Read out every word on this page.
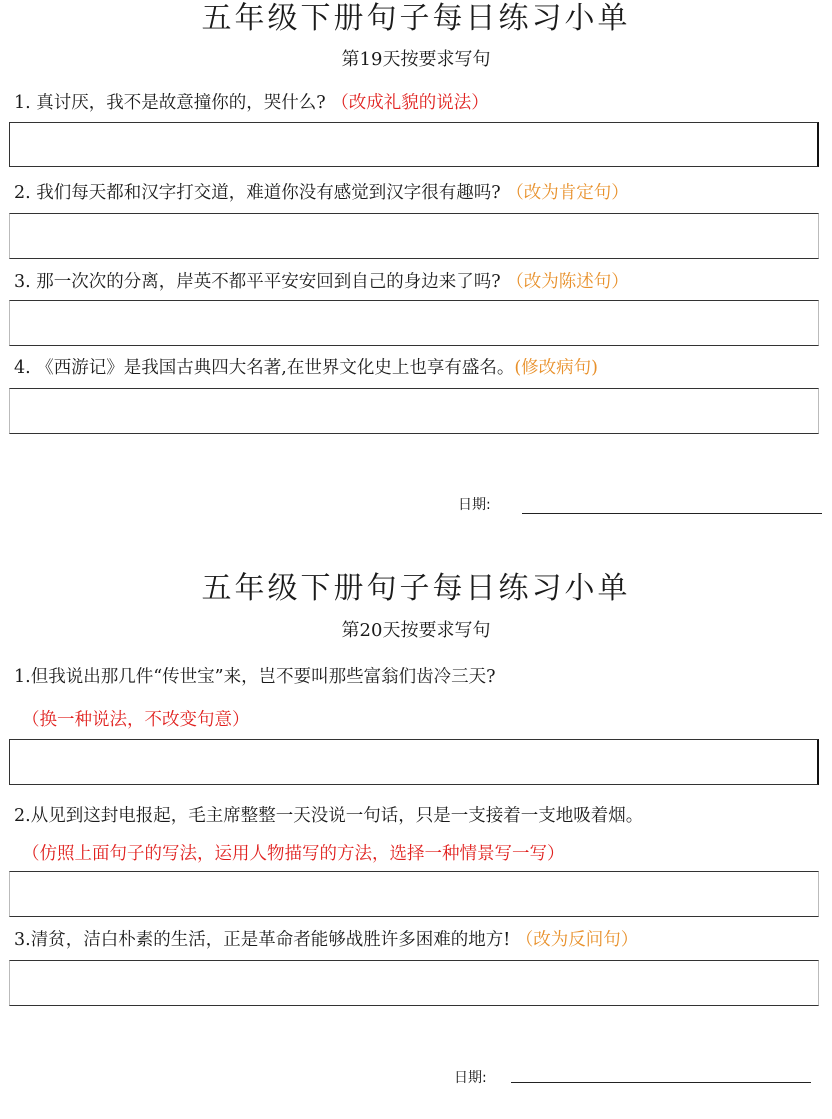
五年级下册句子每日练习小单
第19天按要求写句
1. 真讨厌，我不是故意撞你的，哭什么? （改成礼貌的说法）
2. 我们每天都和汉字打交道，难道你没有感觉到汉字很有趣吗? （改为肯定句）
3. 那一次次的分离，岸英不都平平安安回到自己的身边来了吗? （改为陈述句）
4. 《西游记》是我国古典四大名著,在世界文化史上也享有盛名。(修改病句)
日期:
五年级下册句子每日练习小单
第20天按要求写句
1.但我说出那几件“传世宝”来，岂不要叫那些富翁们齿冷三天?
（换一种说法，不改变句意）
2.从见到这封电报起，毛主席整整一天没说一句话，只是一支接着一支地吸着烟。
（仿照上面句子的写法，运用人物描写的方法，选择一种情景写一写）
3.清贫，洁白朴素的生活，正是革命者能够战胜许多困难的地方! （改为反问句）
日期:
